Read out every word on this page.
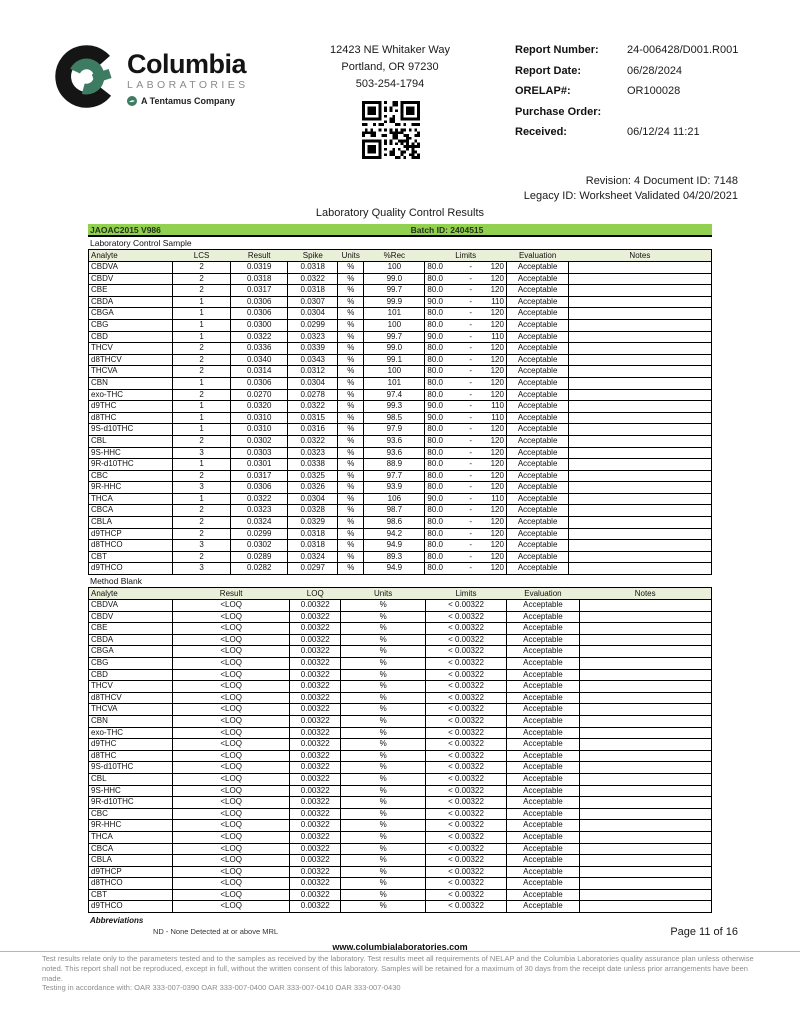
Columbia
LABORATORIES
A Tentamus Company
12423 NE Whitaker Way
Portland, OR 97230
503-254-1794
Report Number:	24-006428/D001.R001
Report Date:	06/28/2024
ORELAP#:	OR100028
Purchase Order:
Received:	06/12/24 11:21
Revision: 4 Document ID: 7148
Legacy ID: Worksheet Validated 04/20/2021
Laboratory Quality Control Results
JAOAC2015 V986	Batch ID: 2404515
Laboratory Control Sample
Analyte	LCS	Result	Spike	Units	%Rec	Limits			Evaluation	Notes
CBDVA	2	0.0319	0.0318	%	100	80.0	-	120	Acceptable	
CBDV	2	0.0318	0.0322	%	99.0	80.0	-	120	Acceptable	
CBE	2	0.0317	0.0318	%	99.7	80.0	-	120	Acceptable	
CBDA	1	0.0306	0.0307	%	99.9	90.0	-	110	Acceptable	
CBGA	1	0.0306	0.0304	%	101	80.0	-	120	Acceptable	
CBG	1	0.0300	0.0299	%	100	80.0	-	120	Acceptable	
CBD	1	0.0322	0.0323	%	99.7	90.0	-	110	Acceptable	
THCV	2	0.0336	0.0339	%	99.0	80.0	-	120	Acceptable	
d8THCV	2	0.0340	0.0343	%	99.1	80.0	-	120	Acceptable	
THCVA	2	0.0314	0.0312	%	100	80.0	-	120	Acceptable	
CBN	1	0.0306	0.0304	%	101	80.0	-	120	Acceptable	
exo-THC	2	0.0270	0.0278	%	97.4	80.0	-	120	Acceptable	
d9THC	1	0.0320	0.0322	%	99.3	90.0	-	110	Acceptable	
d8THC	1	0.0310	0.0315	%	98.5	90.0	-	110	Acceptable	
9S-d10THC	1	0.0310	0.0316	%	97.9	80.0	-	120	Acceptable	
CBL	2	0.0302	0.0322	%	93.6	80.0	-	120	Acceptable	
9S-HHC	3	0.0303	0.0323	%	93.6	80.0	-	120	Acceptable	
9R-d10THC	1	0.0301	0.0338	%	88.9	80.0	-	120	Acceptable	
CBC	2	0.0317	0.0325	%	97.7	80.0	-	120	Acceptable	
9R-HHC	3	0.0306	0.0326	%	93.9	80.0	-	120	Acceptable	
THCA	1	0.0322	0.0304	%	106	90.0	-	110	Acceptable	
CBCA	2	0.0323	0.0328	%	98.7	80.0	-	120	Acceptable	
CBLA	2	0.0324	0.0329	%	98.6	80.0	-	120	Acceptable	
d9THCP	2	0.0299	0.0318	%	94.2	80.0	-	120	Acceptable	
d8THCO	3	0.0302	0.0318	%	94.9	80.0	-	120	Acceptable	
CBT	2	0.0289	0.0324	%	89.3	80.0	-	120	Acceptable	
d9THCO	3	0.0282	0.0297	%	94.9	80.0	-	120	Acceptable	
Method Blank
Analyte	Result	LOQ	Units	Limits	Evaluation	Notes
CBDVA	<LOQ	0.00322	%	< 0.00322	Acceptable	
CBDV	<LOQ	0.00322	%	< 0.00322	Acceptable	
CBE	<LOQ	0.00322	%	< 0.00322	Acceptable	
CBDA	<LOQ	0.00322	%	< 0.00322	Acceptable	
CBGA	<LOQ	0.00322	%	< 0.00322	Acceptable	
CBG	<LOQ	0.00322	%	< 0.00322	Acceptable	
CBD	<LOQ	0.00322	%	< 0.00322	Acceptable	
THCV	<LOQ	0.00322	%	< 0.00322	Acceptable	
d8THCV	<LOQ	0.00322	%	< 0.00322	Acceptable	
THCVA	<LOQ	0.00322	%	< 0.00322	Acceptable	
CBN	<LOQ	0.00322	%	< 0.00322	Acceptable	
exo-THC	<LOQ	0.00322	%	< 0.00322	Acceptable	
d9THC	<LOQ	0.00322	%	< 0.00322	Acceptable	
d8THC	<LOQ	0.00322	%	< 0.00322	Acceptable	
9S-d10THC	<LOQ	0.00322	%	< 0.00322	Acceptable	
CBL	<LOQ	0.00322	%	< 0.00322	Acceptable	
9S-HHC	<LOQ	0.00322	%	< 0.00322	Acceptable	
9R-d10THC	<LOQ	0.00322	%	< 0.00322	Acceptable	
CBC	<LOQ	0.00322	%	< 0.00322	Acceptable	
9R-HHC	<LOQ	0.00322	%	< 0.00322	Acceptable	
THCA	<LOQ	0.00322	%	< 0.00322	Acceptable	
CBCA	<LOQ	0.00322	%	< 0.00322	Acceptable	
CBLA	<LOQ	0.00322	%	< 0.00322	Acceptable	
d9THCP	<LOQ	0.00322	%	< 0.00322	Acceptable	
d8THCO	<LOQ	0.00322	%	< 0.00322	Acceptable	
CBT	<LOQ	0.00322	%	< 0.00322	Acceptable	
d9THCO	<LOQ	0.00322	%	< 0.00322	Acceptable	
Abbreviations
ND - None Detected at or above MRL	Page 11 of 16
www.columbialaboratories.com
Test results relate only to the parameters tested and to the samples as received by the laboratory. Test results meet all requirements of NELAP and the Columbia Laboratories quality assurance plan unless otherwise noted. This report shall not be reproduced, except in full, without the written consent of this laboratory. Samples will be retained for a maximum of 30 days from the receipt date unless prior arrangements have been made.
Testing in accordance with: OAR 333-007-0390 OAR 333-007-0400 OAR 333-007-0410 OAR 333-007-0430
